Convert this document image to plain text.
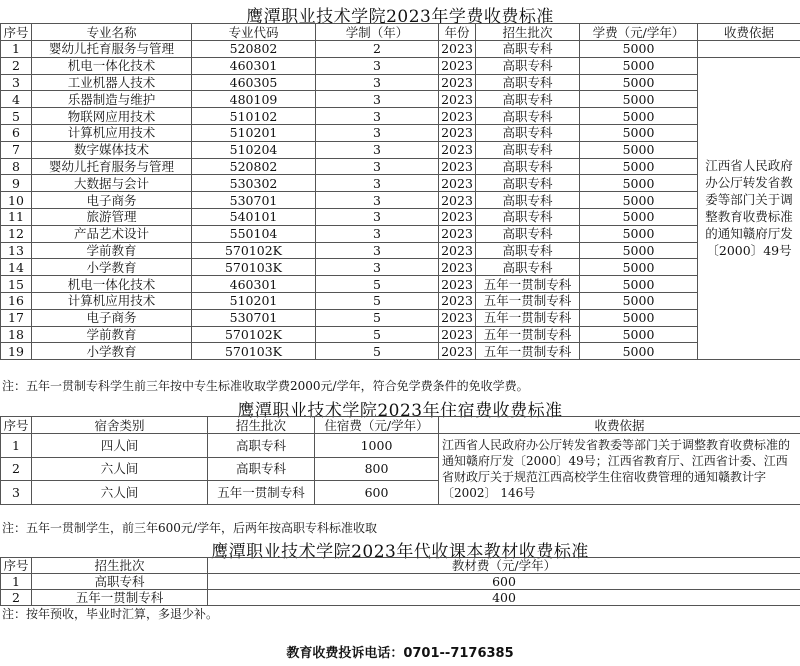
鹰潭职业技术学院2023年学费收费标准
序号	专业名称	专业代码	学制（年）	年份	招生批次	学费（元/学年）	收费依据
1	婴幼儿托育服务与管理	520802	2	2023	高职专科	5000	
2	机电一体化技术	460301	3	2023	高职专科	5000	江西省人民政府办公厅转发省教委等部门关于调整教育收费标准的通知赣府厅发〔2000〕49号
3	工业机器人技术	460305	3	2023	高职专科	5000	
4	乐器制造与维护	480109	3	2023	高职专科	5000	
5	物联网应用技术	510102	3	2023	高职专科	5000	
6	计算机应用技术	510201	3	2023	高职专科	5000	
7	数字媒体技术	510204	3	2023	高职专科	5000	
8	婴幼儿托育服务与管理	520802	3	2023	高职专科	5000	
9	大数据与会计	530302	3	2023	高职专科	5000	
10	电子商务	530701	3	2023	高职专科	5000	
11	旅游管理	540101	3	2023	高职专科	5000	
12	产品艺术设计	550104	3	2023	高职专科	5000	
13	学前教育	570102K	3	2023	高职专科	5000	
14	小学教育	570103K	3	2023	高职专科	5000	
15	机电一体化技术	460301	5	2023	五年一贯制专科	5000	
16	计算机应用技术	510201	5	2023	五年一贯制专科	5000	
17	电子商务	530701	5	2023	五年一贯制专科	5000	
18	学前教育	570102K	5	2023	五年一贯制专科	5000	
19	小学教育	570103K	5	2023	五年一贯制专科	5000	
注：五年一贯制专科学生前三年按中专生标准收取学费2000元/学年，符合免学费条件的免收学费。
鹰潭职业技术学院2023年住宿费收费标准
序号	宿舍类别	招生批次	住宿费（元/学年）	收费依据
1	四人间	高职专科	1000	江西省人民政府办公厅转发省教委等部门关于调整教育收费标准的通知赣府厅发〔2000〕49号；江西省教育厅、江西省计委、江西省财政厅关于规范江西高校学生住宿收费管理的通知赣教计字〔2002〕 146号
2	六人间	高职专科	800	
3	六人间	五年一贯制专科	600	
注：五年一贯制学生，前三年600元/学年，后两年按高职专科标准收取
鹰潭职业技术学院2023年代收课本教材收费标准
序号	招生批次	教材费（元/学年）
1	高职专科	600
2	五年一贯制专科	400
注：按年预收，毕业时汇算，多退少补。
教育收费投诉电话：0701--7176385
